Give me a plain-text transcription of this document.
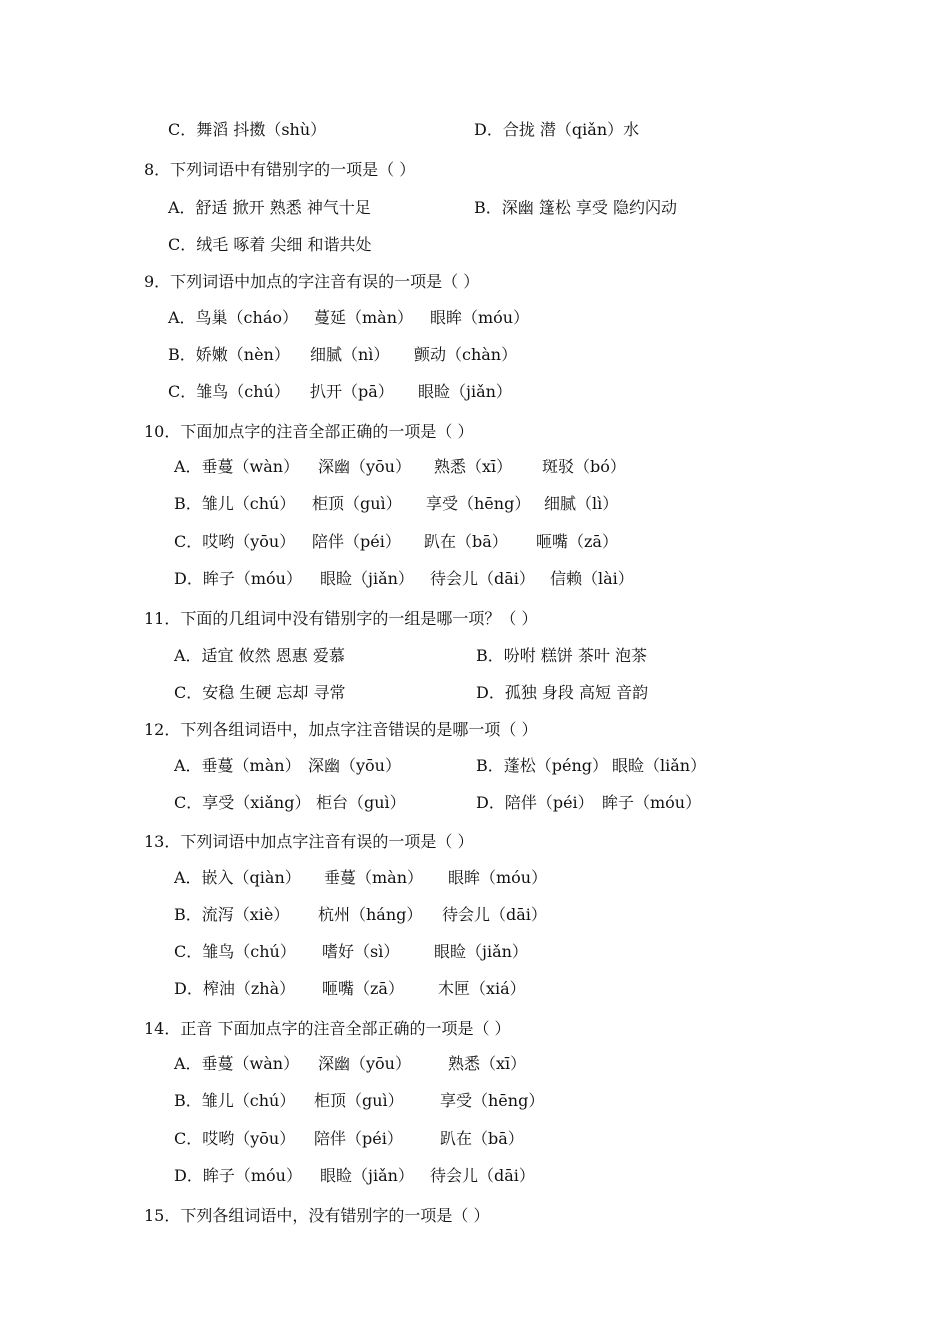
C．舞滔 抖擞（shù）	D．合拢 潜（qiǎn）水
8．下列词语中有错别字的一项是（ ）
A．舒适 掀开 熟悉 神气十足	B．深幽 篷松 享受 隐约闪动
C．绒毛 啄着 尖细 和谐共处
9．下列词语中加点的字注音有误的一项是（ ）
A．鸟巢（cháo） 蔓延（màn） 眼眸（móu）
B．娇嫩（nèn） 细腻（nì） 颤动（chàn）
C．雏鸟（chú） 扒开（pā） 眼睑（jiǎn）
10．下面加点字的注音全部正确的一项是（ ）
A．垂蔓（wàn） 深幽（yōu） 熟悉（xī） 斑驳（bó）
B．雏儿（chú） 柜顶（guì） 享受（hēng） 细腻（lì）
C．哎哟（yōu） 陪伴（péi） 趴在（bā） 咂嘴（zā）
D．眸子（móu） 眼睑（jiǎn） 待会儿（dāi） 信赖（lài）
11．下面的几组词中没有错别字的一组是哪一项？（ ）
A．适宜 攸然 恩惠 爱慕	B．吩咐 糕饼 茶叶 泡茶
C．安稳 生硬 忘却 寻常	D．孤独 身段 高短 音韵
12．下列各组词语中，加点字注音错误的是哪一项（ ）
A．垂蔓（màn） 深幽（yōu）	B．蓬松（péng） 眼睑（liǎn）
C．享受（xiǎng） 柜台（guì）	D．陪伴（péi） 眸子（móu）
13．下列词语中加点字注音有误的一项是（ ）
A．嵌入（qiàn） 垂蔓（màn） 眼眸（móu）
B．流泻（xiè） 杭州（háng） 待会儿（dāi）
C．雏鸟（chú） 嗜好（sì） 眼睑（jiǎn）
D．榨油（zhà） 咂嘴（zā） 木匣（xiá）
14．正音 下面加点字的注音全部正确的一项是（ ）
A．垂蔓（wàn） 深幽（yōu） 熟悉（xī）
B．雏儿（chú） 柜顶（guì） 享受（hēng）
C．哎哟（yōu） 陪伴（péi） 趴在（bā）
D．眸子（móu） 眼睑（jiǎn） 待会儿（dāi）
15．下列各组词语中，没有错别字的一项是（ ）
